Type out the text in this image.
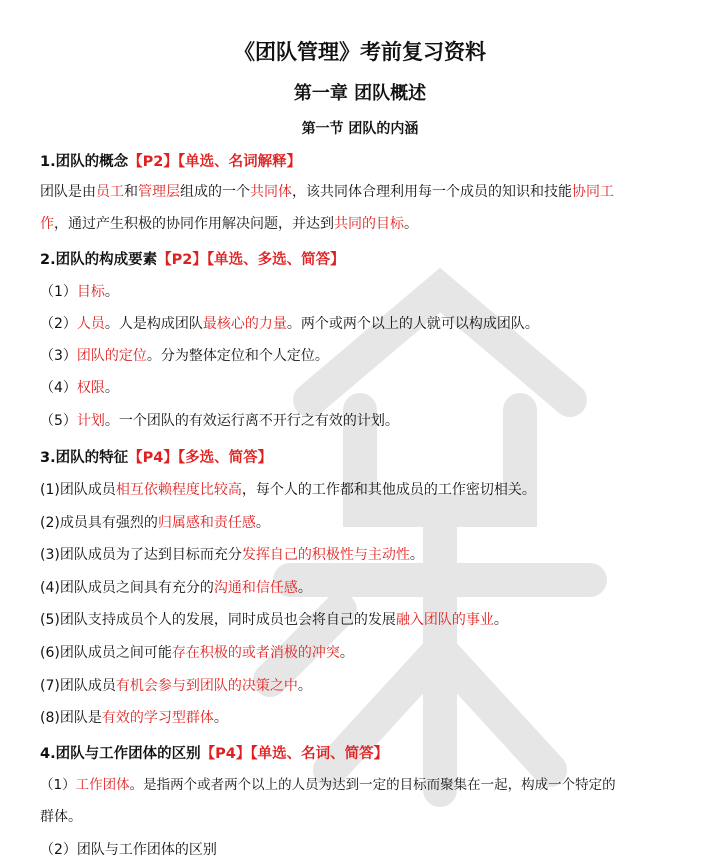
《团队管理》考前复习资料
第一章 团队概述
第一节 团队的内涵
1.团队的概念【P2】【单选、名词解释】
团队是由员工和管理层组成的一个共同体，该共同体合理利用每一个成员的知识和技能协同工
作，通过产生积极的协同作用解决问题，并达到共同的目标。
2.团队的构成要素【P2】【单选、多选、简答】
（1）目标。
（2）人员。人是构成团队最核心的力量。两个或两个以上的人就可以构成团队。
（3）团队的定位。分为整体定位和个人定位。
（4）权限。
（5）计划。一个团队的有效运行离不开行之有效的计划。
3.团队的特征【P4】【多选、简答】
(1)团队成员相互依赖程度比较高，每个人的工作都和其他成员的工作密切相关。
(2)成员具有强烈的归属感和责任感。
(3)团队成员为了达到目标而充分发挥自己的积极性与主动性。
(4)团队成员之间具有充分的沟通和信任感。
(5)团队支持成员个人的发展，同时成员也会将自己的发展融入团队的事业。
(6)团队成员之间可能存在积极的或者消极的冲突。
(7)团队成员有机会参与到团队的决策之中。
(8)团队是有效的学习型群体。
4.团队与工作团体的区别【P4】【单选、名词、简答】
（1）工作团体。是指两个或者两个以上的人员为达到一定的目标而聚集在一起，构成一个特定的
群体。
（2）团队与工作团体的区别
